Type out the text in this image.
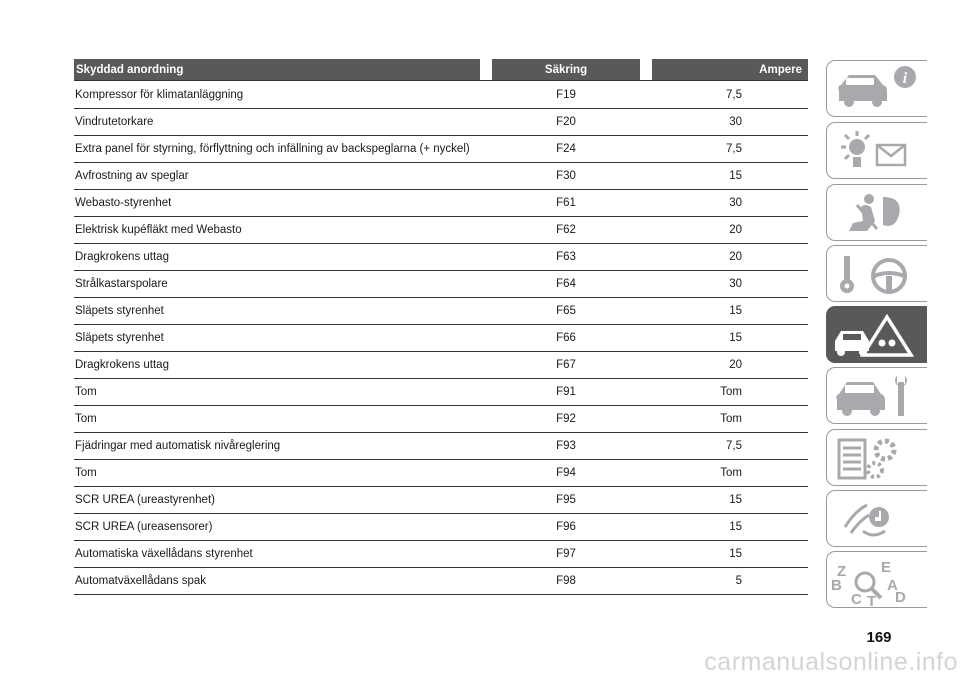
Skyddad anordning		Säkring		Ampere
Kompressor för klimatanläggning		F19		7,5
Vindrutetorkare		F20		30
Extra panel för styrning, förflyttning och infällning av backspeglarna (+ nyckel)		F24		7,5
Avfrostning av speglar		F30		15
Webasto-styrenhet		F61		30
Elektrisk kupéfläkt med Webasto		F62		20
Dragkrokens uttag		F63		20
Strålkastarspolare		F64		30
Släpets styrenhet		F65		15
Släpets styrenhet		F66		15
Dragkrokens uttag		F67		20
Tom		F91		Tom
Tom		F92		Tom
Fjädringar med automatisk nivåreglering		F93		7,5
Tom		F94		Tom
SCR UREA (ureastyrenhet)		F95		15
SCR UREA (ureasensorer)		F96		15
Automatiska växellådans styrenhet		F97		15
Automatväxellådans spak		F98		5
i
Z E
B	A
C T D
169
carmanualsonline.info
